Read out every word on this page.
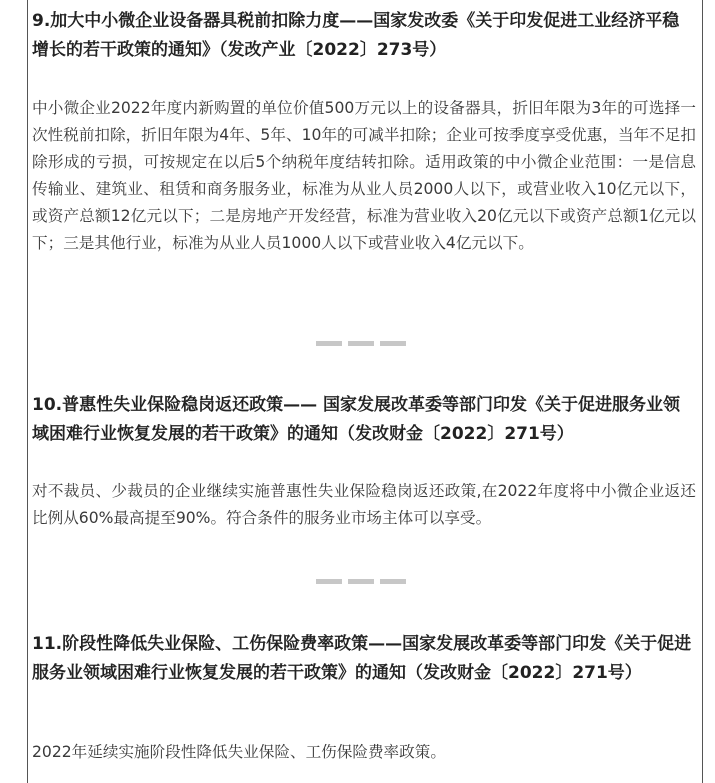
9.加大中小微企业设备器具税前扣除力度——国家发改委《关于印发促进工业经济平稳增长的若干政策的通知》（发改产业〔2022〕273号）

中小微企业2022年度内新购置的单位价值500万元以上的设备器具，折旧年限为3年的可选择一次性税前扣除，折旧年限为4年、5年、10年的可减半扣除；企业可按季度享受优惠，当年不足扣除形成的亏损，可按规定在以后5个纳税年度结转扣除。适用政策的中小微企业范围：一是信息传输业、建筑业、租赁和商务服务业，标准为从业人员2000人以下，或营业收入10亿元以下，或资产总额12亿元以下；二是房地产开发经营，标准为营业收入20亿元以下或资产总额1亿元以下；三是其他行业，标准为从业人员1000人以下或营业收入4亿元以下。

10.普惠性失业保险稳岗返还政策—— 国家发展改革委等部门印发《关于促进服务业领域困难行业恢复发展的若干政策》的通知（发改财金〔2022〕271号）

对不裁员、少裁员的企业继续实施普惠性失业保险稳岗返还政策,在2022年度将中小微企业返还比例从60%最高提至90%。符合条件的服务业市场主体可以享受。

11.阶段性降低失业保险、工伤保险费率政策——国家发展改革委等部门印发《关于促进服务业领域困难行业恢复发展的若干政策》的通知（发改财金〔2022〕271号）

2022年延续实施阶段性降低失业保险、工伤保险费率政策。
